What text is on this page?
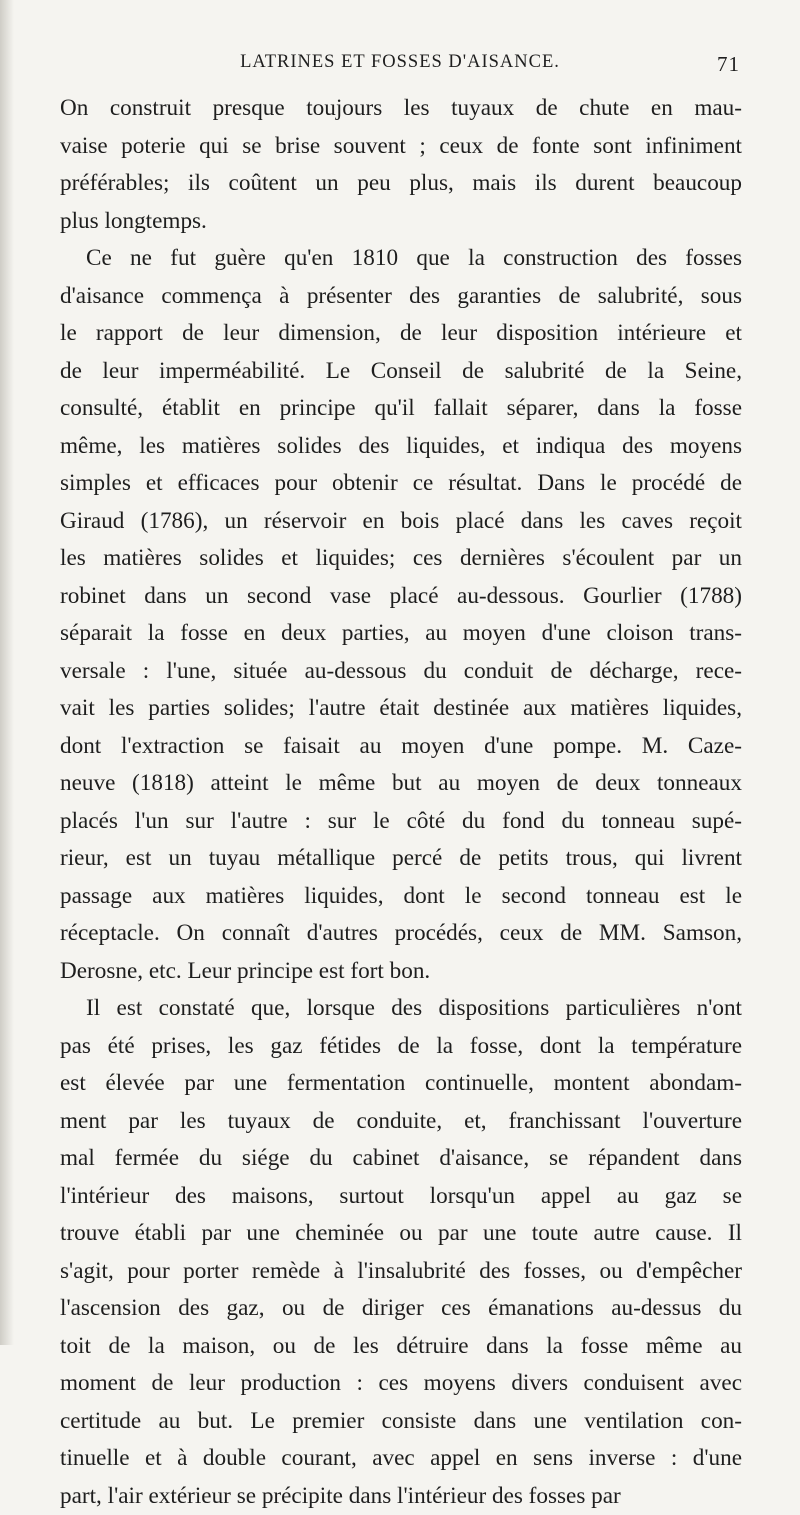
LATRINES ET FOSSES D'AISANCE.	71
On construit presque toujours les tuyaux de chute en mau-
vaise poterie qui se brise souvent ; ceux de fonte sont infiniment
préférables; ils coûtent un peu plus, mais ils durent beaucoup
plus longtemps.
Ce ne fut guère qu'en 1810 que la construction des fosses
d'aisance commença à présenter des garanties de salubrité, sous
le rapport de leur dimension, de leur disposition intérieure et
de leur imperméabilité. Le Conseil de salubrité de la Seine,
consulté, établit en principe qu'il fallait séparer, dans la fosse
même, les matières solides des liquides, et indiqua des moyens
simples et efficaces pour obtenir ce résultat. Dans le procédé de
Giraud (1786), un réservoir en bois placé dans les caves reçoit
les matières solides et liquides; ces dernières s'écoulent par un
robinet dans un second vase placé au-dessous. Gourlier (1788)
séparait la fosse en deux parties, au moyen d'une cloison trans-
versale : l'une, située au-dessous du conduit de décharge, rece-
vait les parties solides; l'autre était destinée aux matières liquides,
dont l'extraction se faisait au moyen d'une pompe. M. Caze-
neuve (1818) atteint le même but au moyen de deux tonneaux
placés l'un sur l'autre : sur le côté du fond du tonneau supé-
rieur, est un tuyau métallique percé de petits trous, qui livrent
passage aux matières liquides, dont le second tonneau est le
réceptacle. On connaît d'autres procédés, ceux de MM. Samson,
Derosne, etc. Leur principe est fort bon.
Il est constaté que, lorsque des dispositions particulières n'ont
pas été prises, les gaz fétides de la fosse, dont la température
est élevée par une fermentation continuelle, montent abondam-
ment par les tuyaux de conduite, et, franchissant l'ouverture
mal fermée du siége du cabinet d'aisance, se répandent dans
l'intérieur des maisons, surtout lorsqu'un appel au gaz se
trouve établi par une cheminée ou par une toute autre cause. Il
s'agit, pour porter remède à l'insalubrité des fosses, ou d'empêcher
l'ascension des gaz, ou de diriger ces émanations au-dessus du
toit de la maison, ou de les détruire dans la fosse même au
moment de leur production : ces moyens divers conduisent avec
certitude au but. Le premier consiste dans une ventilation con-
tinuelle et à double courant, avec appel en sens inverse : d'une
part, l'air extérieur se précipite dans l'intérieur des fosses par
